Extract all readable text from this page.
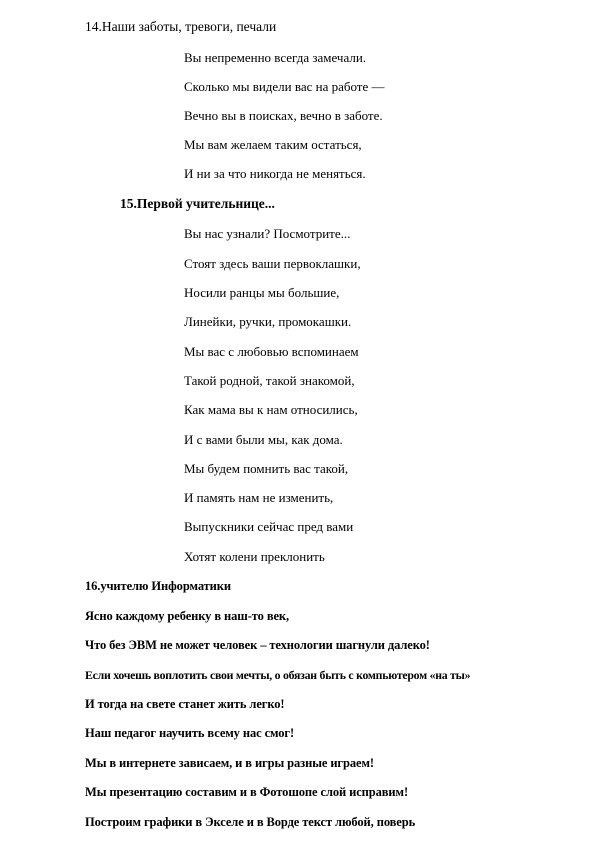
14.Наши заботы, тревоги, печали
Вы непременно всегда замечали.
Сколько мы видели вас на работе —
Вечно вы в поисках, вечно в заботе.
Мы вам желаем таким остаться,
И ни за что никогда не меняться.
15.Первой учительнице...
Вы нас узнали? Посмотрите...
Стоят здесь ваши первоклашки,
Носили ранцы мы большие,
Линейки, ручки, промокашки.
Мы вас с любовью вспоминаем
Такой родной, такой знакомой,
Как мама вы к нам относились,
И с вами были мы, как дома.
Мы будем помнить вас такой,
И память нам не изменить,
Выпускники сейчас пред вами
Хотят колени преклонить
16.учителю Информатики
Ясно каждому ребенку в наш-то век,
Что без ЭВМ не может человек – технологии шагнули далеко!
Если хочешь воплотить свои мечты, о обязан быть с компьютером «на ты»
И тогда на свете станет жить легко!
Наш педагог научить всему нас смог!
Мы в интернете зависаем, и в игры разные играем!
Мы презентацию составим и в Фотошопе слой исправим!
Построим графики в Экселе и в Ворде текст любой, поверь
